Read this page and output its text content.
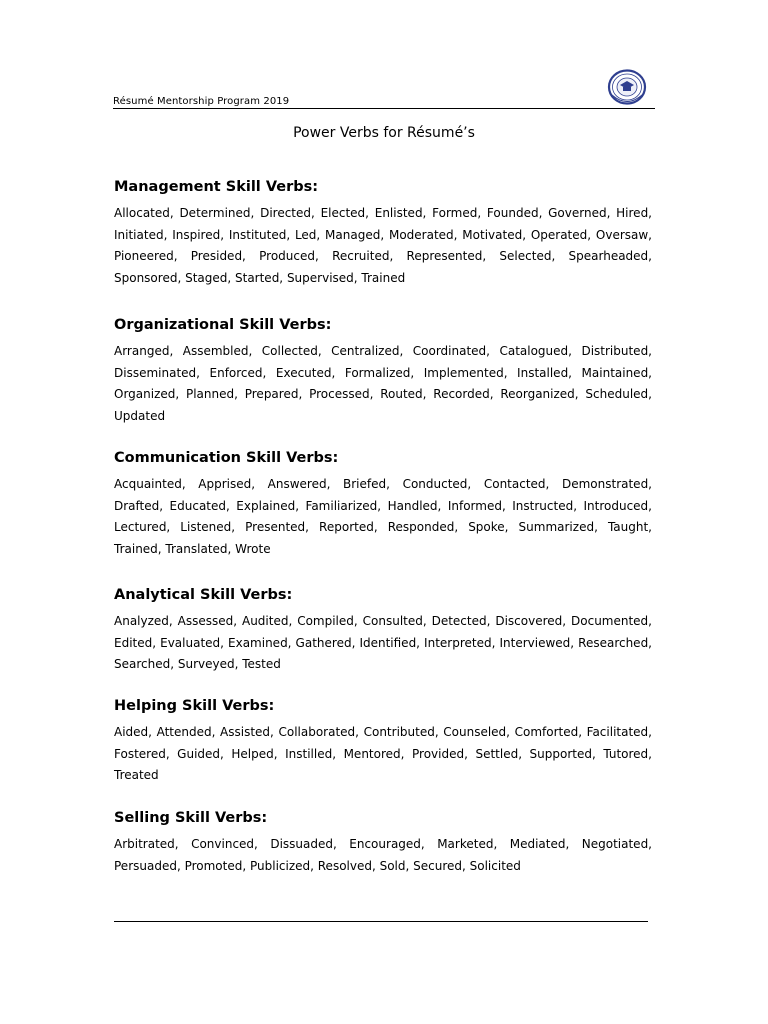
Résumé Mentorship Program 2019
Power Verbs for Résumé’s
Management Skill Verbs:

Allocated, Determined, Directed, Elected, Enlisted, Formed, Founded, Governed, Hired, Initiated, Inspired, Instituted, Led, Managed, Moderated, Motivated, Operated, Oversaw, Pioneered, Presided, Produced, Recruited, Represented, Selected, Spearheaded, Sponsored, Staged, Started, Supervised, Trained

Organizational Skill Verbs:

Arranged, Assembled, Collected, Centralized, Coordinated, Catalogued, Distributed, Disseminated, Enforced, Executed, Formalized, Implemented, Installed, Maintained, Organized, Planned, Prepared, Processed, Routed, Recorded, Reorganized, Scheduled, Updated

Communication Skill Verbs:

Acquainted, Apprised, Answered, Briefed, Conducted, Contacted, Demonstrated, Drafted, Educated, Explained, Familiarized, Handled, Informed, Instructed, Introduced, Lectured, Listened, Presented, Reported, Responded, Spoke, Summarized, Taught, Trained, Translated, Wrote

Analytical Skill Verbs:

Analyzed, Assessed, Audited, Compiled, Consulted, Detected, Discovered, Documented, Edited, Evaluated, Examined, Gathered, Identified, Interpreted, Interviewed, Researched, Searched, Surveyed, Tested

Helping Skill Verbs:

Aided, Attended, Assisted, Collaborated, Contributed, Counseled, Comforted, Facilitated, Fostered, Guided, Helped, Instilled, Mentored, Provided, Settled, Supported, Tutored, Treated

Selling Skill Verbs:

Arbitrated, Convinced, Dissuaded, Encouraged, Marketed, Mediated, Negotiated, Persuaded, Promoted, Publicized, Resolved, Sold, Secured, Solicited
